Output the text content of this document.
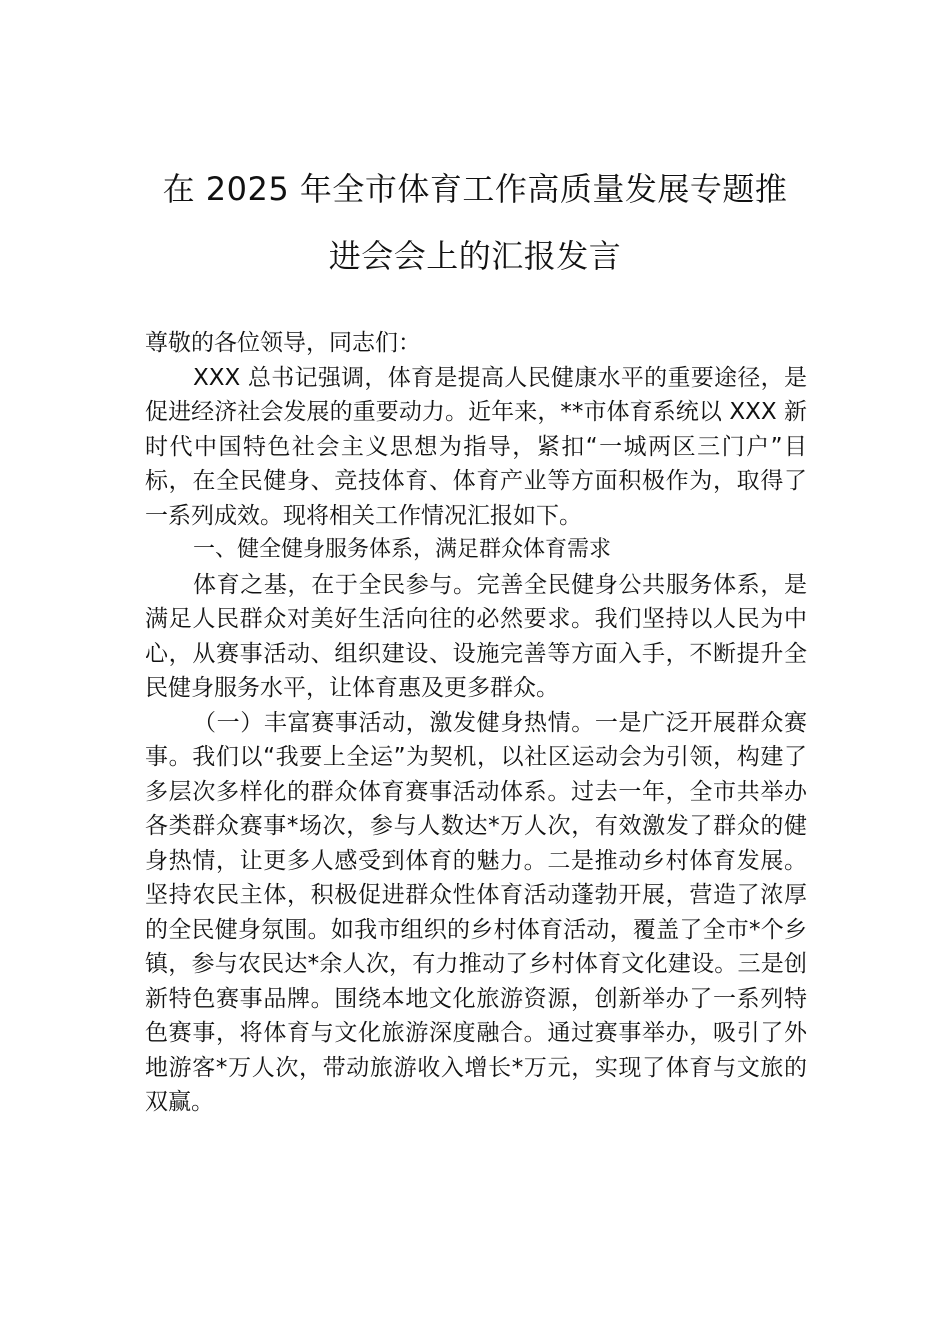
在 2025 年全市体育工作高质量发展专题推
进会会上的汇报发言

尊敬的各位领导，同志们：

XXX 总书记强调，体育是提高人民健康水平的重要途径，是促进经济社会发展的重要动力。近年来，**市体育系统以 XXX 新时代中国特色社会主义思想为指导，紧扣“一城两区三门户”目标，在全民健身、竞技体育、体育产业等方面积极作为，取得了一系列成效。现将相关工作情况汇报如下。

一、健全健身服务体系，满足群众体育需求

体育之基，在于全民参与。完善全民健身公共服务体系，是满足人民群众对美好生活向往的必然要求。我们坚持以人民为中心，从赛事活动、组织建设、设施完善等方面入手，不断提升全民健身服务水平，让体育惠及更多群众。

（一）丰富赛事活动，激发健身热情。一是广泛开展群众赛事。我们以“我要上全运”为契机，以社区运动会为引领，构建了多层次多样化的群众体育赛事活动体系。过去一年，全市共举办各类群众赛事*场次，参与人数达*万人次，有效激发了群众的健身热情，让更多人感受到体育的魅力。二是推动乡村体育发展。坚持农民主体，积极促进群众性体育活动蓬勃开展，营造了浓厚的全民健身氛围。如我市组织的乡村体育活动，覆盖了全市*个乡镇，参与农民达*余人次，有力推动了乡村体育文化建设。三是创新特色赛事品牌。围绕本地文化旅游资源，创新举办了一系列特色赛事，将体育与文化旅游深度融合。通过赛事举办，吸引了外地游客*万人次，带动旅游收入增长*万元，实现了体育与文旅的双赢。
